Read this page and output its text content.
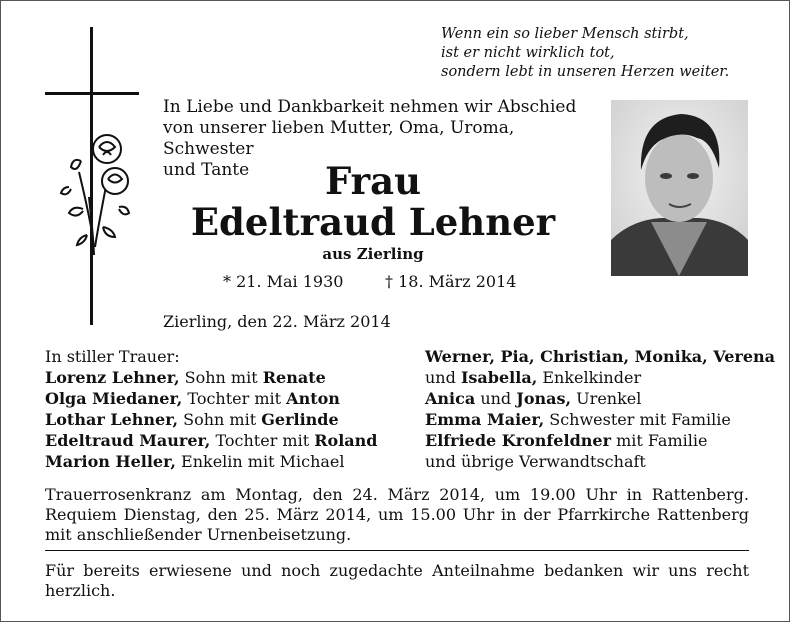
Wenn ein so lieber Mensch stirbt,
ist er nicht wirklich tot,
sondern lebt in unseren Herzen weiter.
In Liebe und Dankbarkeit nehmen wir Abschied
von unserer lieben Mutter, Oma, Uroma, Schwester
und Tante	Frau
Edeltraud Lehner
aus Zierling
* 21. Mai 1930	† 18. März 2014
Zierling, den 22. März 2014
In stiller Trauer:
Lorenz Lehner, Sohn mit Renate
Olga Miedaner, Tochter mit Anton
Lothar Lehner, Sohn mit Gerlinde
Edeltraud Maurer, Tochter mit Roland
Marion Heller, Enkelin mit Michael
Werner, Pia, Christian, Monika, Verena
und Isabella, Enkelkinder
Anica und Jonas, Urenkel
Emma Maier, Schwester mit Familie
Elfriede Kronfeldner mit Familie
und übrige Verwandtschaft
Trauerrosenkranz am Montag, den 24. März 2014, um 19.00 Uhr in Rattenberg. Requiem Dienstag, den 25. März 2014, um 15.00 Uhr in der Pfarrkirche Rattenberg mit anschließender Urnenbeisetzung.
Für bereits erwiesene und noch zugedachte Anteilnahme bedanken wir uns recht herzlich.
